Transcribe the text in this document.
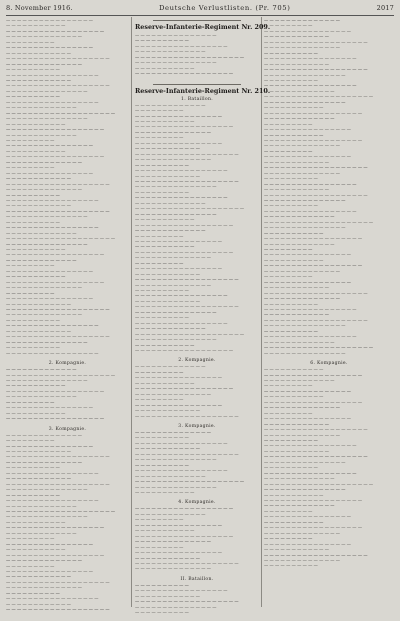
8. November 1916.	Deutsche Verlustlisten. (Pr. 705)	2017
— — — — — — — — — — — — — — — —
— — — — — — — — — — —
— — — — — — — — — — — — — — — — — —
— — — — — — — — — — — — — —
— — — — — — — — —
— — — — — — — — — — — — — — — —
— — — — — — — — — — — —
— — — — — — — — — — — — — — — — — — —
— — — — — — — — — — — — — —
— — — — — — — — — —
— — — — — — — — — — — — — — — — —
— — — — — — — — — — — —
— — — — — — — — — — — — — — — — — — —
— — — — — — — — — — — — — — —
— — — — — — — — — —
— — — — — — — — — — — — — — — — —
— — — — — — — — — — — — —
— — — — — — — — — — — — — — — — — — — —
— — — — — — — — — — — — — — —
— — — — — — — — — — —
— — — — — — — — — — — — — — — — — —
— — — — — — — — — — — — —
— — — — — — — — —
— — — — — — — — — — — — — — — —
— — — — — — — — — — —
— — — — — — — — — — — — — — — — — —
— — — — — — — — — — — — — —
— — — — — — — — —
— — — — — — — — — — — — — — — —
— — — — — — — — — — — —
— — — — — — — — — — — — — — — — — — —
— — — — — — — — — — — — — —
— — — — — — — — — —
— — — — — — — — — — — — — — — — —
— — — — — — — — — — — —
— — — — — — — — — — — — — — — — — — —
— — — — — — — — — — — — — — —
— — — — — — — — — —
— — — — — — — — — — — — — — — — —
— — — — — — — — — — — — —
— — — — — — — — — — — — — — — — — — — —
— — — — — — — — — — — — — — —
— — — — — — — — — — —
— — — — — — — — — — — — — — — — — —
— — — — — — — — — — — — —
— — — — — — — — —
— — — — — — — — — — — — — — — —
— — — — — — — — — — —
— — — — — — — — — — — — — — — — — —
— — — — — — — — — — — — — —
— — — — — — — — —
— — — — — — — — — — — — — — — —
— — — — — — — — — — — —
— — — — — — — — — — — — — — — — — — —
— — — — — — — — — — — — — —
— — — — — — — — — —
— — — — — — — — — — — — — — — — —
— — — — — — — — — — — —
— — — — — — — — — — — — — — — — — — —
— — — — — — — — — — — — — — —
— — — — — — — — — —
— — — — — — — — — — — — — — — — —
2. Kompagnie.
— — — — — — — — — — — — —
— — — — — — — — — — — — — — — — — — — —
— — — — — — — — — — — — — — —
— — — — — — — — — — —
— — — — — — — — — — — — — — — — — —
— — — — — — — — — — — — —
— — — — — — — — —
— — — — — — — — — — — — — — — —
— — — — — — — — — — —
— — — — — — — — — — — — — — — — — —
3. Kompagnie.
— — — — — — — — — — — — — —
— — — — — — — — —
— — — — — — — — — — — — — — — —
— — — — — — — — — — — —
— — — — — — — — — — — — — — — — — — —
— — — — — — — — — — — — — —
— — — — — — — — — —
— — — — — — — — — — — — — — — — —
— — — — — — — — — — — —
— — — — — — — — — — — — — — — — — — —
— — — — — — — — — — — — — — —
— — — — — — — — — —
— — — — — — — — — — — — — — — — —
— — — — — — — — — — — — —
— — — — — — — — — — — — — — — — — — — —
— — — — — — — — — — — — — — —
— — — — — — — — — — —
— — — — — — — — — — — — — — — — — —
— — — — — — — — — — — — —
— — — — — — — — —
— — — — — — — — — — — — — — — —
— — — — — — — — — — —
— — — — — — — — — — — — — — — — — —
— — — — — — — — — — — — — —
— — — — — — — — —
— — — — — — — — — — — — — — — —
— — — — — — — — — — — —
— — — — — — — — — — — — — — — — — — —
— — — — — — — — — — — — — —
— — — — — — — — — —
— — — — — — — — — — — — — — — — —
— — — — — — — — — — — —
— — — — — — — — — — — — — — — — — — —
Reserve-Infanterie-Regiment Nr. 209.
— — — — — — — — — — — — — — —
— — — — — — — — — —
— — — — — — — — — — — — — — — — —
— — — — — — — — — — — — —
— — — — — — — — — — — — — — — — — — — —
— — — — — — — — — — — — — — —
— — — — — — — — — — —
— — — — — — — — — — — — — — — — — —
Reserve-Infanterie-Regiment Nr. 210.
1. Bataillon.
— — — — — — — — — — — — —
— — — — — — — — —
— — — — — — — — — — — — — — — —
— — — — — — — — — — —
— — — — — — — — — — — — — — — — — —
— — — — — — — — — — — — — —
— — — — — — — — —
— — — — — — — — — — — — — — — —
— — — — — — — — — — — —
— — — — — — — — — — — — — — — — — — —
— — — — — — — — — — — — — —
— — — — — — — — — —
— — — — — — — — — — — — — — — — —
— — — — — — — — — — — —
— — — — — — — — — — — — — — — — — — —
— — — — — — — — — — — — — — —
— — — — — — — — — —
— — — — — — — — — — — — — — — — —
— — — — — — — — — — — — —
— — — — — — — — — — — — — — — — — — — —
— — — — — — — — — — — — — — —
— — — — — — — — — — —
— — — — — — — — — — — — — — — — — —
— — — — — — — — — — — — —
— — — — — — — — —
— — — — — — — — — — — — — — — —
— — — — — — — — — — —
— — — — — — — — — — — — — — — — — —
— — — — — — — — — — — — — —
— — — — — — — — —
— — — — — — — — — — — — — — — —
— — — — — — — — — — — —
— — — — — — — — — — — — — — — — — — —
— — — — — — — — — — — — — —
— — — — — — — — — —
— — — — — — — — — — — — — — — — —
— — — — — — — — — — — —
— — — — — — — — — — — — — — — — — — —
— — — — — — — — — — — — — — —
— — — — — — — — — —
— — — — — — — — — — — — — — — — —
— — — — — — — — — — — — —
— — — — — — — — — — — — — — — — — — — —
— — — — — — — — — — — — — — —
— — — — — — — — — — —
— — — — — — — — — — — — — — — — — —
2. Kompagnie.
— — — — — — — — — — — — —
— — — — — — — — —
— — — — — — — — — — — — — — — —
— — — — — — — — — — —
— — — — — — — — — — — — — — — — — —
— — — — — — — — — — — — — —
— — — — — — — — —
— — — — — — — — — — — — — — — —
— — — — — — — — — — — —
— — — — — — — — — — — — — — — — — — —
3. Kompagnie.
— — — — — — — — — — — — — —
— — — — — — — — — —
— — — — — — — — — — — — — — — — —
— — — — — — — — — — — —
— — — — — — — — — — — — — — — — — — —
— — — — — — — — — — — — — — —
— — — — — — — — — —
— — — — — — — — — — — — — — — — —
— — — — — — — — — — — — —
— — — — — — — — — — — — — — — — — — — —
— — — — — — — — — — — — — — —
— — — — — — — — — — —
4. Kompagnie.
— — — — — — — — — — — — — — — — — —
— — — — — — — — — — — — —
— — — — — — — — —
— — — — — — — — — — — — — — — —
— — — — — — — — — — —
— — — — — — — — — — — — — — — — — —
— — — — — — — — — — — — — —
— — — — — — — — —
— — — — — — — — — — — — — — — —
— — — — — — — — — — — —
— — — — — — — — — — — — — — — — — — —
— — — — — — — — — — — — — —
II. Bataillon.
— — — — — — — — — —
— — — — — — — — — — — — — — — — —
— — — — — — — — — — — —
— — — — — — — — — — — — — — — — — — —
— — — — — — — — — — — — — — —
— — — — — — — — — —
— — — — — — — — — — — — — —
— — — — — — — — —
— — — — — — — — — — — — — — — —
— — — — — — — — — — — —
— — — — — — — — — — — — — — — — — — —
— — — — — — — — — — — — — —
— — — — — — — — — —
— — — — — — — — — — — — — — — — —
— — — — — — — — — — — —
— — — — — — — — — — — — — — — — — — —
— — — — — — — — — — — — — — —
— — — — — — — — — —
— — — — — — — — — — — — — — — — —
— — — — — — — — — — — — —
— — — — — — — — — — — — — — — — — — — —
— — — — — — — — — — — — — — —
— — — — — — — — — — —
— — — — — — — — — — — — — — — — — —
— — — — — — — — — — — — —
— — — — — — — — —
— — — — — — — — — — — — — — — —
— — — — — — — — — — —
— — — — — — — — — — — — — — — — — —
— — — — — — — — — — — — — —
— — — — — — — — —
— — — — — — — — — — — — — — — —
— — — — — — — — — — — —
— — — — — — — — — — — — — — — — — — —
— — — — — — — — — — — — — —
— — — — — — — — — —
— — — — — — — — — — — — — — — — —
— — — — — — — — — — — —
— — — — — — — — — — — — — — — — — — —
— — — — — — — — — — — — — — —
— — — — — — — — — —
— — — — — — — — — — — — — — — — —
— — — — — — — — — — — — —
— — — — — — — — — — — — — — — — — — — —
— — — — — — — — — — — — — — —
— — — — — — — — — — —
— — — — — — — — — — — — — — — — — —
— — — — — — — — — — — — —
— — — — — — — — —
— — — — — — — — — — — — — — — —
— — — — — — — — — — —
— — — — — — — — — — — — — — — — — —
— — — — — — — — — — — — — —
— — — — — — — — —
— — — — — — — — — — — — — — — —
— — — — — — — — — — — —
— — — — — — — — — — — — — — — — — — —
— — — — — — — — — — — — — —
— — — — — — — — — —
— — — — — — — — — — — — — — — — —
— — — — — — — — — — — —
— — — — — — — — — — — — — — — — — — —
— — — — — — — — — — — — — — —
— — — — — — — — — —
— — — — — — — — — — — — — — — — —
— — — — — — — — — — — — —
— — — — — — — — — — — — — — — — — — — —
— — — — — — — — — — — — — — —
6. Kompagnie.
— — — — — — — — — — —
— — — — — — — — — — — — — — — — — —
— — — — — — — — — — — — —
— — — — — — — — —
— — — — — — — — — — — — — — — —
— — — — — — — — — — —
— — — — — — — — — — — — — — — — — —
— — — — — — — — — — — — — —
— — — — — — — — —
— — — — — — — — — — — — — — — —
— — — — — — — — — — — —
— — — — — — — — — — — — — — — — — — —
— — — — — — — — — — — — — —
— — — — — — — — — —
— — — — — — — — — — — — — — — — —
— — — — — — — — — — — —
— — — — — — — — — — — — — — — — — — —
— — — — — — — — — — — — — — —
— — — — — — — — — —
— — — — — — — — — — — — — — — — —
— — — — — — — — — — — — —
— — — — — — — — — — — — — — — — — — — —
— — — — — — — — — — — — — — —
— — — — — — — — — — —
— — — — — — — — — — — — — — — — — —
— — — — — — — — — — — — —
— — — — — — — — —
— — — — — — — — — — — — — — — —
— — — — — — — — — — —
— — — — — — — — — — — — — — — — — —
— — — — — — — — — — — — — —
— — — — — — — — —
— — — — — — — — — — — — — — — —
— — — — — — — — — — — —
— — — — — — — — — — — — — — — — — — —
— — — — — — — — — — — — — —
— — — — — — — — — —
